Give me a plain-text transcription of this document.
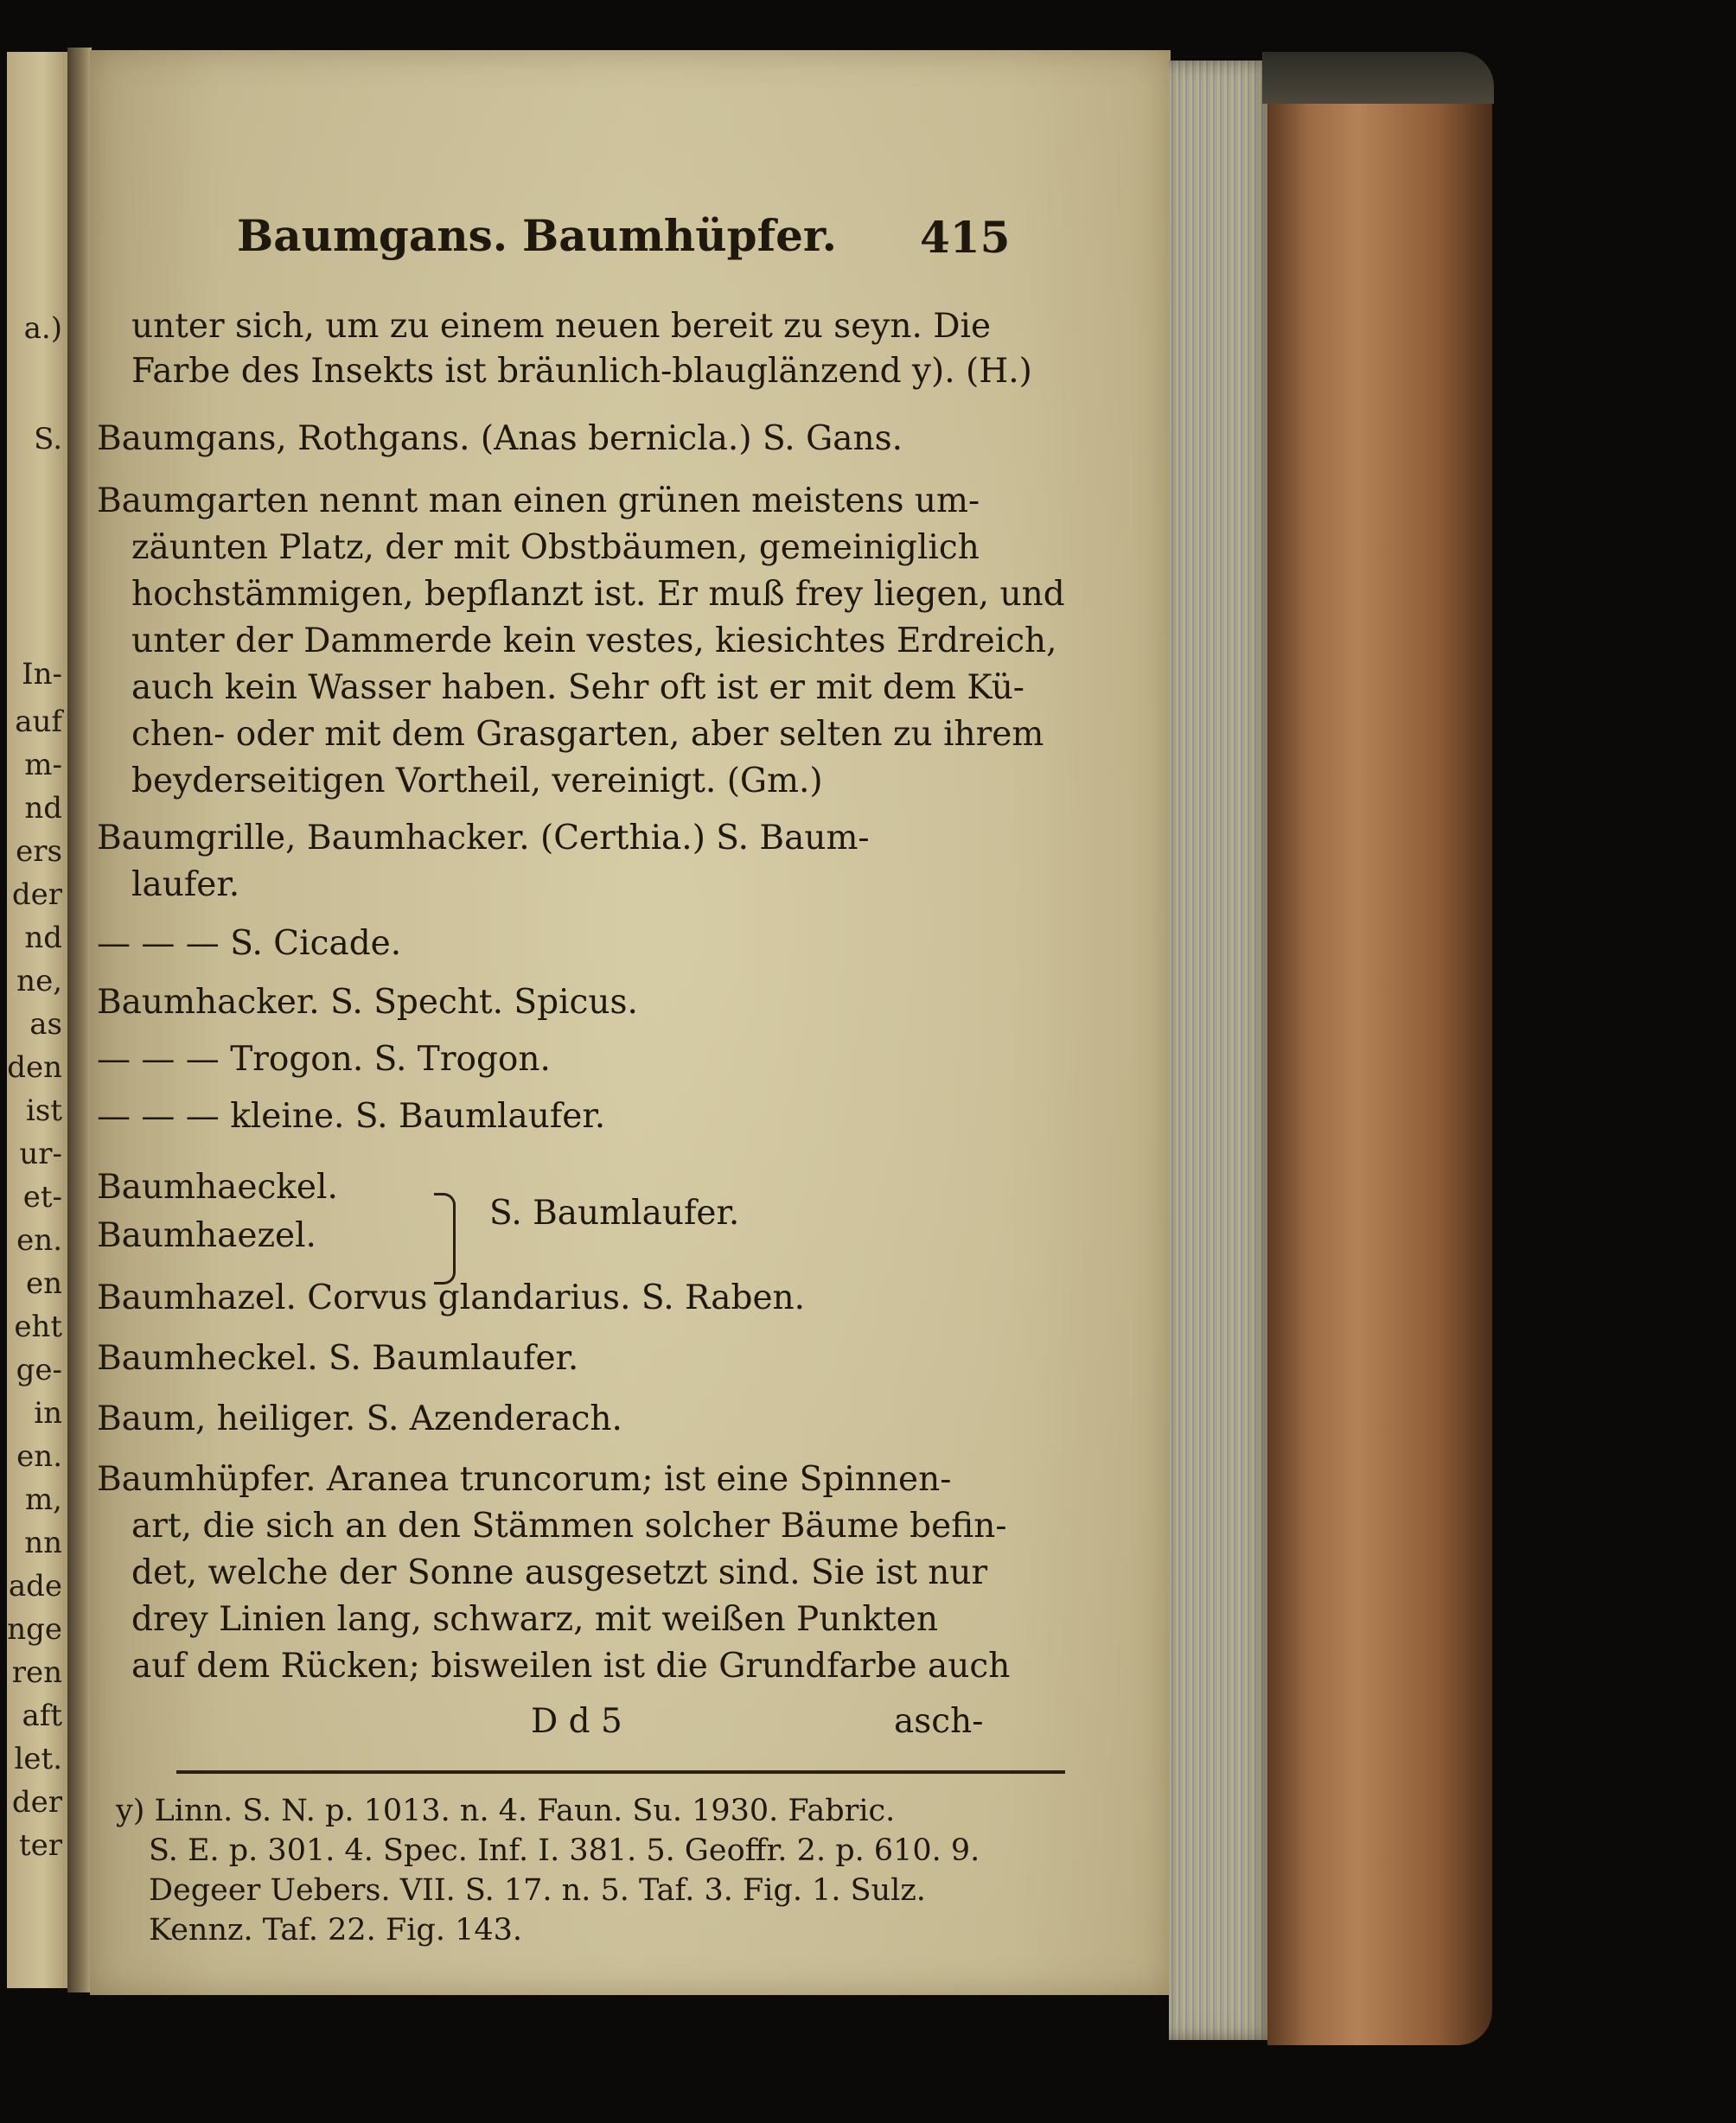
a.)
S.
In-
auf
m-
nd
ers
der
nd
ne,
as
den
ist
ur-
et-
en.
en
eht
ge-
in
en.
m,
nn
ade
nge
ren
aft
let.
der
ter
Baumgans. Baumhüpfer. 415
unter sich, um zu einem neuen bereit zu seyn. Die
Farbe des Insekts ist bräunlich-blauglänzend y). (H.)
Baumgans, Rothgans. (Anas bernicla.) S. Gans.
Baumgarten nennt man einen grünen meistens um-
zäunten Platz, der mit Obstbäumen, gemeiniglich
hochstämmigen, bepflanzt ist. Er muß frey liegen, und
unter der Dammerde kein vestes, kiesichtes Erdreich,
auch kein Wasser haben. Sehr oft ist er mit dem Kü-
chen- oder mit dem Grasgarten, aber selten zu ihrem
beyderseitigen Vortheil, vereinigt. (Gm.)
Baumgrille, Baumhacker. (Certhia.) S. Baum-
laufer.
— — — S. Cicade.
Baumhacker. S. Specht. Spicus.
— — — Trogon. S. Trogon.
— — — kleine. S. Baumlaufer.
Baumhaeckel.
Baumhaezel.
S. Baumlaufer.
Baumhazel. Corvus glandarius. S. Raben.
Baumheckel. S. Baumlaufer.
Baum, heiliger. S. Azenderach.
Baumhüpfer. Aranea truncorum; ist eine Spinnen-
art, die sich an den Stämmen solcher Bäume befin-
det, welche der Sonne ausgesetzt sind. Sie ist nur
drey Linien lang, schwarz, mit weißen Punkten
auf dem Rücken; bisweilen ist die Grundfarbe auch
D d 5	asch-
y) Linn. S. N. p. 1013. n. 4. Faun. Su. 1930. Fabric.
S. E. p. 301. 4. Spec. Inf. I. 381. 5. Geoffr. 2. p. 610. 9.
Degeer Uebers. VII. S. 17. n. 5. Taf. 3. Fig. 1. Sulz.
Kennz. Taf. 22. Fig. 143.
